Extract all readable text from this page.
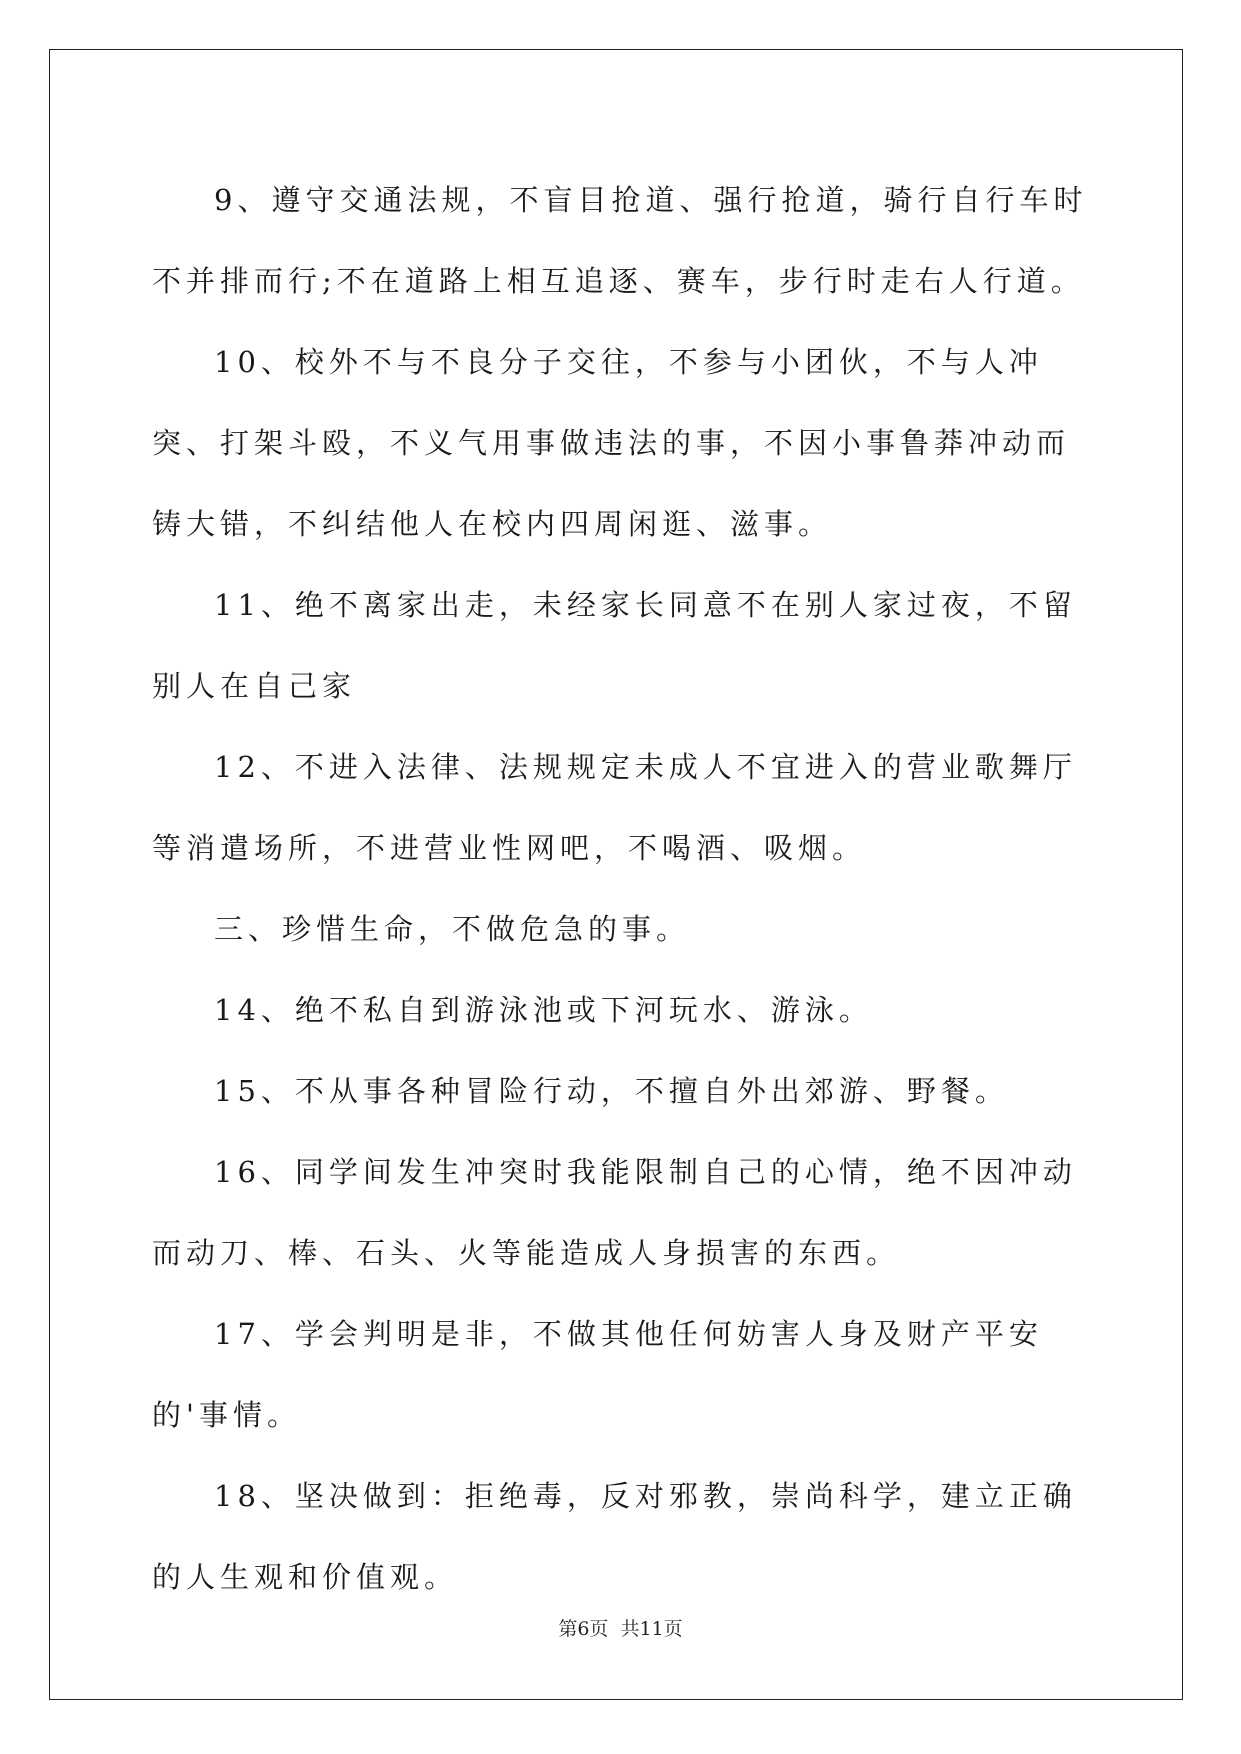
9、遵守交通法规，不盲目抢道、强行抢道，骑行自行车时不并排而行;不在道路上相互追逐、赛车，步行时走右人行道。

10、校外不与不良分子交往，不参与小团伙，不与人冲突、打架斗殴，不义气用事做违法的事，不因小事鲁莽冲动而铸大错，不纠结他人在校内四周闲逛、滋事。

11、绝不离家出走，未经家长同意不在别人家过夜，不留别人在自己家

12、不进入法律、法规规定未成人不宜进入的营业歌舞厅等消遣场所，不进营业性网吧，不喝酒、吸烟。

三、珍惜生命，不做危急的事。

14、绝不私自到游泳池或下河玩水、游泳。

15、不从事各种冒险行动，不擅自外出郊游、野餐。

16、同学间发生冲突时我能限制自己的心情，绝不因冲动而动刀、棒、石头、火等能造成人身损害的东西。

17、学会判明是非，不做其他任何妨害人身及财产平安的'事情。

18、坚决做到：拒绝毒，反对邪教，崇尚科学，建立正确的人生观和价值观。

第6页 共11页
